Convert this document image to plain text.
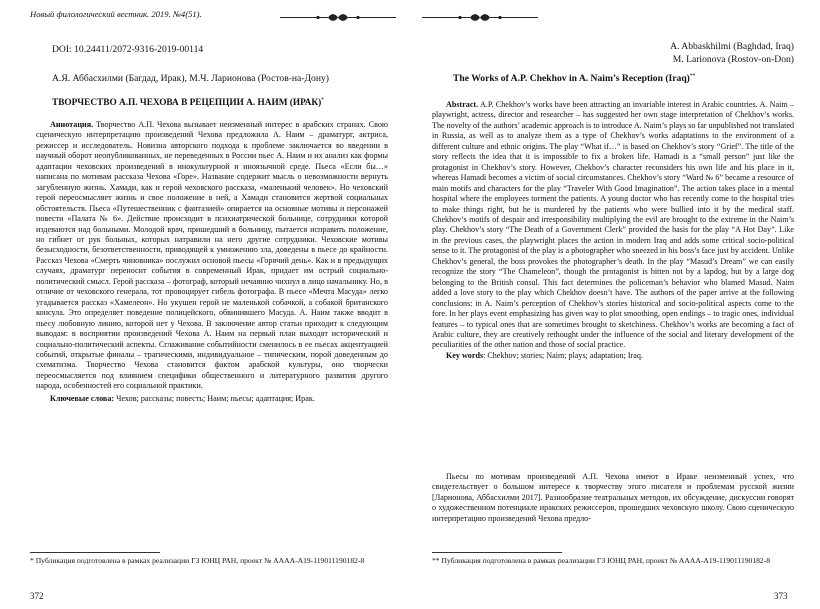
Новый филологический вестник. 2019. №4(51).
DOI: 10.24411/2072-9316-2019-00114
А.Я. Аббасхилми (Багдад, Ирак), М.Ч. Ларионова (Ростов-на-Дону)
ТВОРЧЕСТВО А.П. ЧЕХОВА В РЕЦЕПЦИИ А. НАИМ (ИРАК)*

Аннотация. Творчество А.П. Чехова вызывает неизменный интерес в арабских странах. Свою сценическую интерпретацию произведений Чехова предложила А. Наим – драматург, актриса, режиссер и исследователь. Новизна авторского подхода к проблеме заключается во введении в научный оборот неопубликованных, не переведенных в России пьес А. Наим и их анализ как формы адаптации чеховских произведений в инокультурной и иноязычной среде. Пьеса «Если бы…» написана по мотивам рассказа Чехова «Горе». Название содержит мысль о невозможности вернуть загубленную жизнь. Хамади, как и герой чеховского рассказа, «маленький человек». Но чеховский герой переосмысляет жизнь и свое положение в ней, а Хамади становится жертвой социальных обстоятельств. Пьеса «Путешественник с фантазией» опирается на основные мотивы и персонажей повести «Палата № 6». Действие происходит в психиатрической больнице, сотрудники которой издеваются над больными. Молодой врач, пришедший в больницу, пытается исправить положение, но гибнет от рук больных, которых натравили на него другие сотрудники. Чеховские мотивы безысходности, безответственности, приводящей к умножению зла, доведены в пьесе до крайности. Рассказ Чехова «Смерть чиновника» послужил основой пьесы «Горячий день». Как и в предыдущих случаях, драматург переносит события в современный Ирак, придает им острый социально-политический смысл. Герой рассказа – фотограф, который нечаянно чихнул в лицо начальнику. Но, в отличие от чеховского генерала, тот провоцирует гибель фотографа. В пьесе «Мечта Масуда» легко угадывается рассказ «Хамелеон». Но укушен герой не маленькой собачкой, а собакой британского консула. Это определяет поведение полицейского, обвинившего Масуда. А. Наим также вводит в пьесу любовную линию, которой нет у Чехова. В заключение автор статьи приходит к следующим выводам: в восприятии произведений Чехова А. Наим на первый план выходят исторический и социально-политический аспекты. Сглаживание событийности сменилось в ее пьесах акцентуацией событий, открытые финалы – трагическими, индивидуальное – типическим, порой доведенным до схематизма. Творчество Чехова становится фактом арабской культуры, оно творчески переосмысляется под влиянием специфики общественного и литературного развития другого народа, особенностей его социальной практики.

Ключевые слова: Чехов; рассказы; повесть; Наим; пьесы; адаптация; Ирак.

* Публикация подготовлена в рамках реализации ГЗ ЮНЦ РАН, проект № АААА-А19-119011190182-8
372
A. Abbaskhilmi (Baghdad, Iraq)
M. Larionova (Rostov-on-Don)
The Works of A.P. Chekhov in A. Naim’s Reception (Iraq)**

Abstract. A.P. Chekhov’s works have been attracting an invariable interest in Arabic countries. A. Naim – playwright, actress, director and researcher – has suggested her own stage interpretation of Chekhov’s works. The novelty of the authors’ academic approach is to introduce A. Naim’s plays so far unpublished not translated in Russia, as well as to analyze them as a type of Chekhov’s works adaptations to the environment of a different culture and ethnic origins. The play “What if…” is based on Chekhov’s story “Grief”. The title of the story reflects the idea that it is impossible to fix a broken life. Hamadi is a “small person” just like the protagonist in Chekhov’s story. However, Chekhov’s character reconsiders his own life and his place in it, whereas Hamadi becomes a victim of social circumstances. Chekhov’s story “Ward № 6” became a resource of main motifs and characters for the play “Traveler With Good Imagination”. The action takes place in a mental hospital where the employees torment the patients. A young doctor who has recently come to the hospital tries to make things right, but he is murdered by the patients who were bullied into it by the medical staff. Chekhov’s motifs of despair and irresponsibility multiplying the evil are brought to the extreme in the Naim’s play. Chekhov’s story “The Death of a Government Clerk” provided the basis for the play “A Hot Day”. Like in the previous cases, the playwright places the action in modern Iraq and adds some critical socio-political sense to it. The protagonist of the play is a photographer who sneezed in his boss’s face just by accident. Unlike Chekhov’s general, the boss provokes the photographer’s death. In the play “Masud’s Dream” we can easily recognize the story “The Chameleon”, though the protagonist is bitten not by a lapdog, but by a large dog belonging to the British consul. This fact determines the policeman’s behavior who blamed Masud. Naim added a love story to the play which Chekhov doesn’t have. The authors of the paper arrive at the following conclusions: in A. Naim’s perception of Chekhov’s stories historical and socio-political aspects come to the fore. In her plays event emphasizing has given way to plot smoothing, open endings – to tragic ones, individual features – to typical ones that are sometimes brought to sketchiness. Chekhov’s works are becoming a fact of Arabic culture, they are creatively rethought under the influence of the social and literary development of the peculiarities of the other nation and those of social practice.

Key words: Chekhov; stories; Naim; plays; adaptation; Iraq.

Пьесы по мотивам произведений А.П. Чехова имеют в Ираке неизменный успех, что свидетельствует о большом интересе к творчеству этого писателя и проблемам русской жизни [Ларионова, Аббасхилми 2017]. Разнообразие театральных методов, их обсуждение, дискуссии говорят о художественном потенциале иракских режиссеров, прошедших чеховскую школу. Свою сценическую интерпретацию произведений Чехова предло-

** Публикация подготовлена в рамках реализации ГЗ ЮНЦ РАН, проект № АААА-А19-119011190182-8
373
